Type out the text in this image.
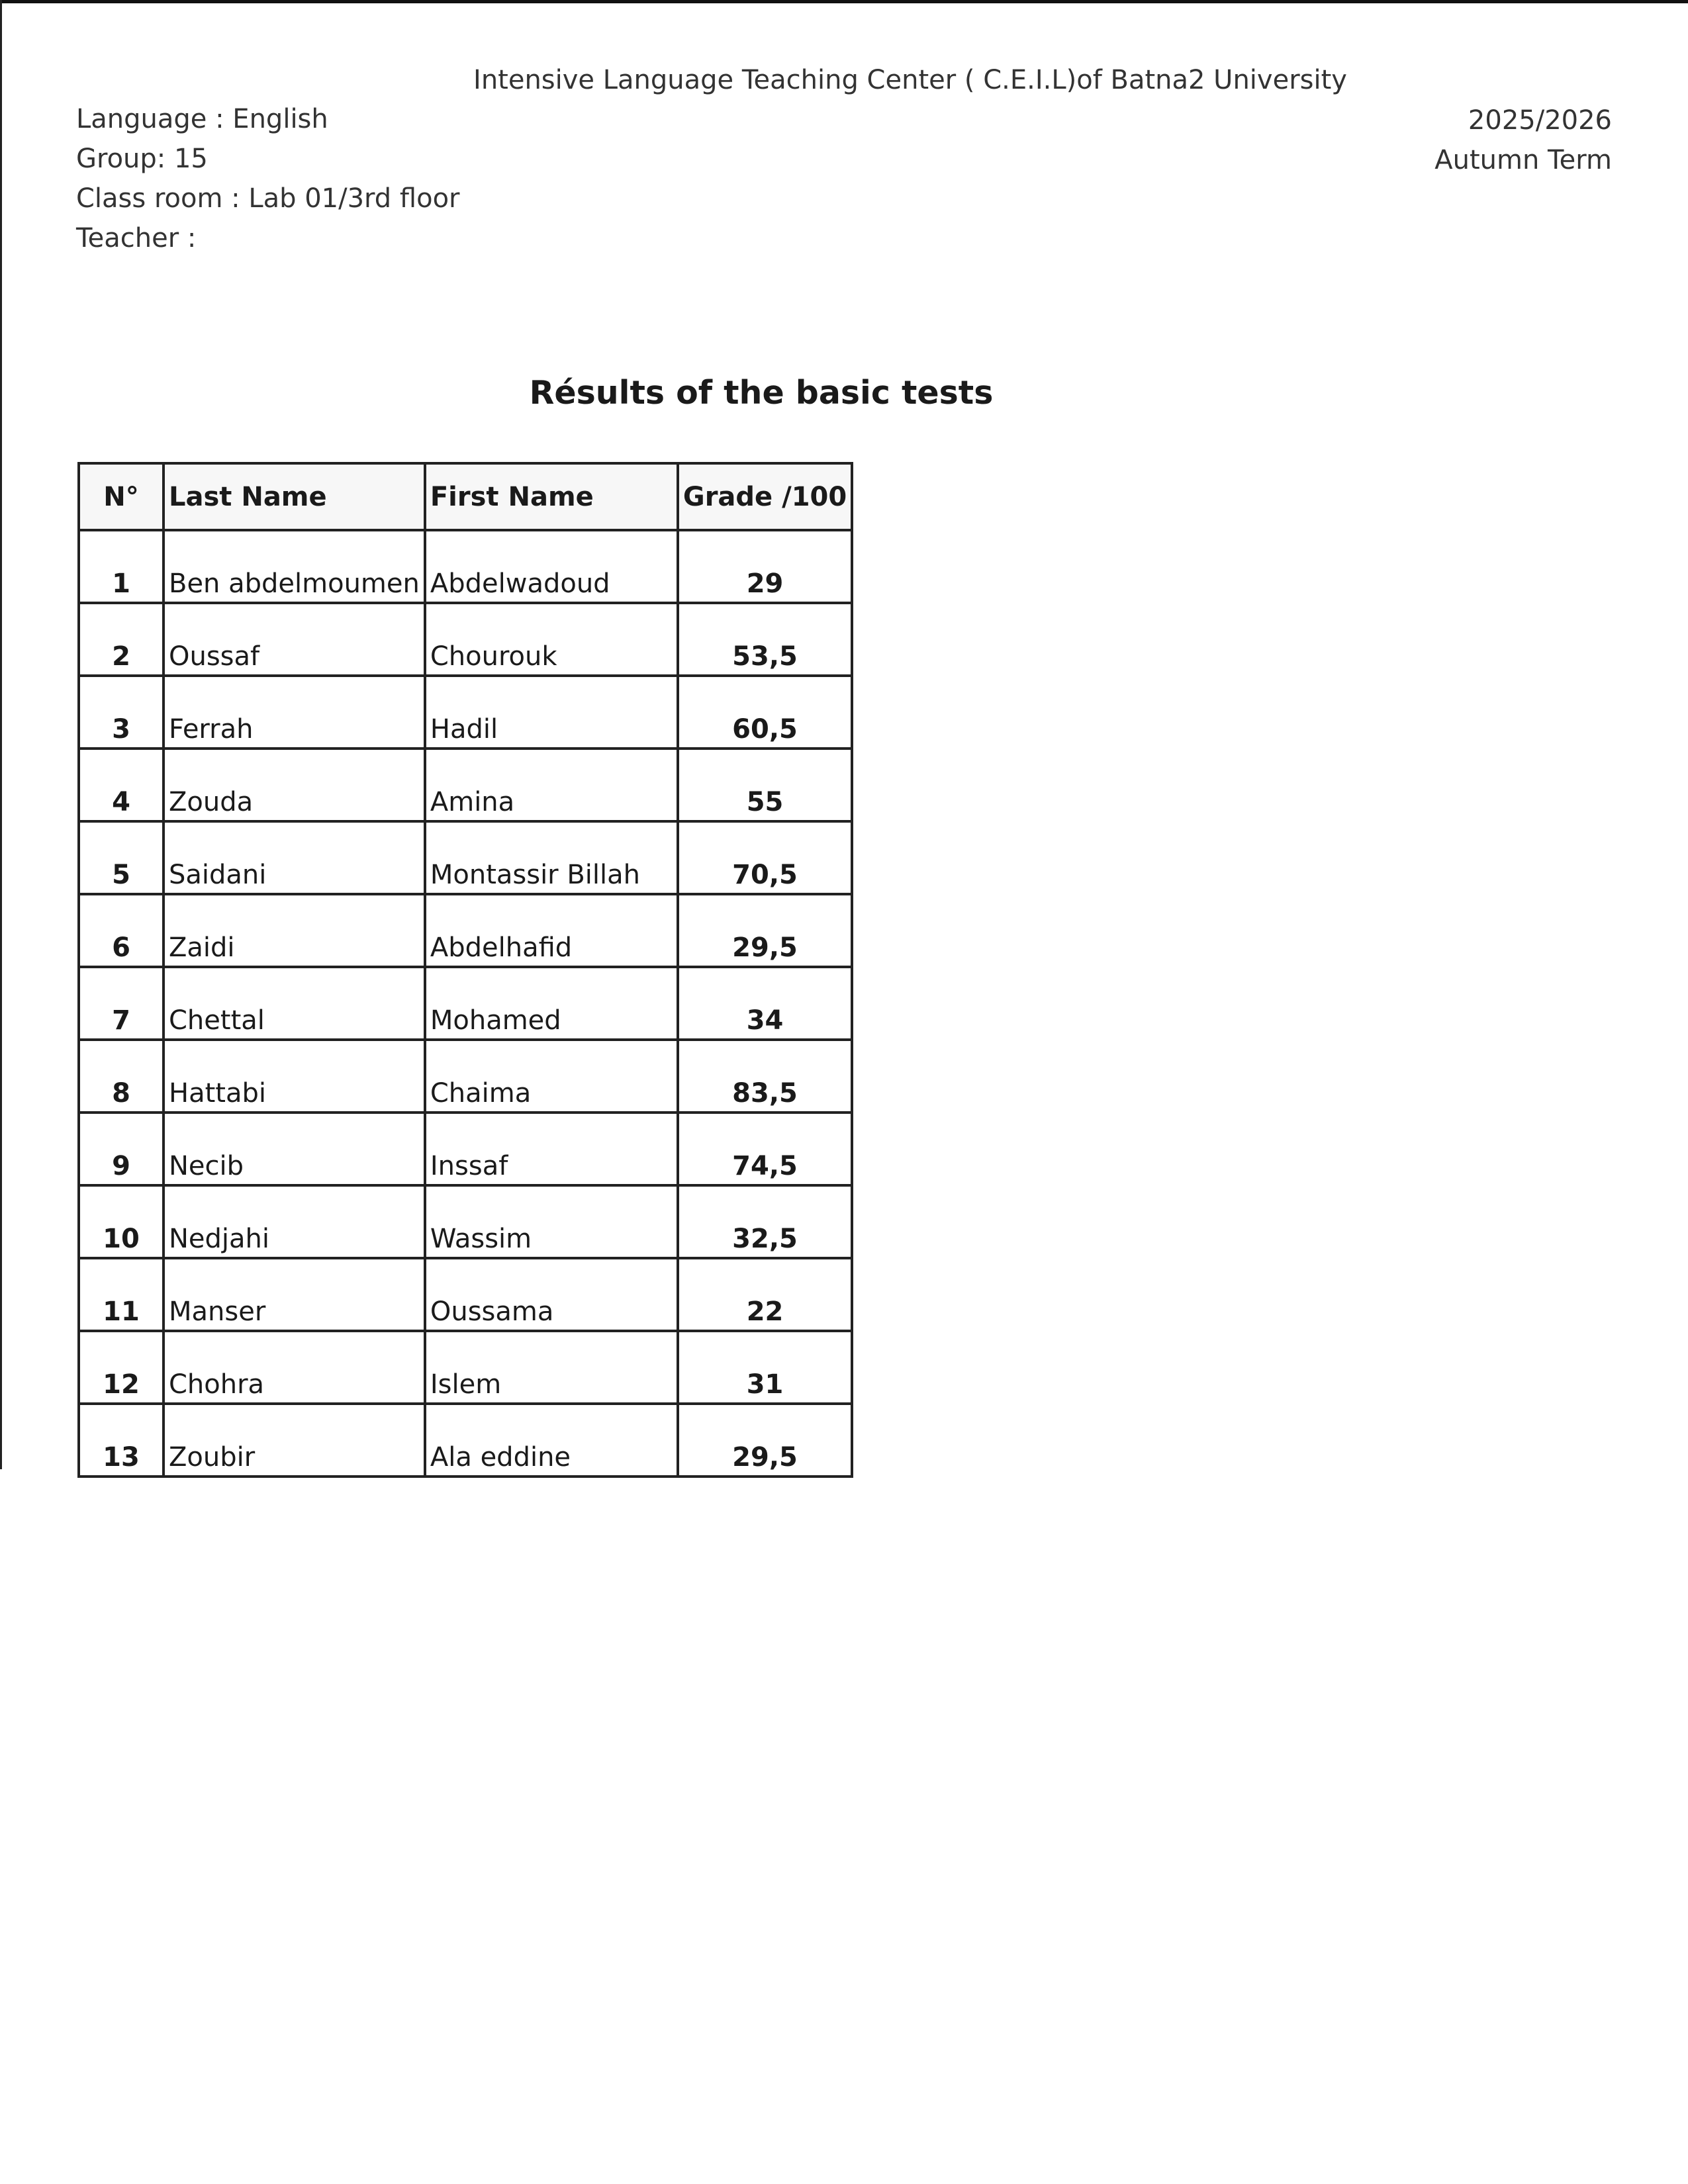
Intensive Language Teaching Center ( C.E.I.L)of Batna2 University
Language : English
Group: 15
Class room : Lab 01/3rd floor
Teacher :
2025/2026
Autumn Term
Résults of the basic tests
N°	Last Name	First Name	Grade /100
1	Ben abdelmoumen	Abdelwadoud	29
2	Oussaf	Chourouk	53,5
3	Ferrah	Hadil	60,5
4	Zouda	Amina	55
5	Saidani	Montassir Billah	70,5
6	Zaidi	Abdelhafid	29,5
7	Chettal	Mohamed	34
8	Hattabi	Chaima	83,5
9	Necib	Inssaf	74,5
10	Nedjahi	Wassim	32,5
11	Manser	Oussama	22
12	Chohra	Islem	31
13	Zoubir	Ala eddine	29,5
